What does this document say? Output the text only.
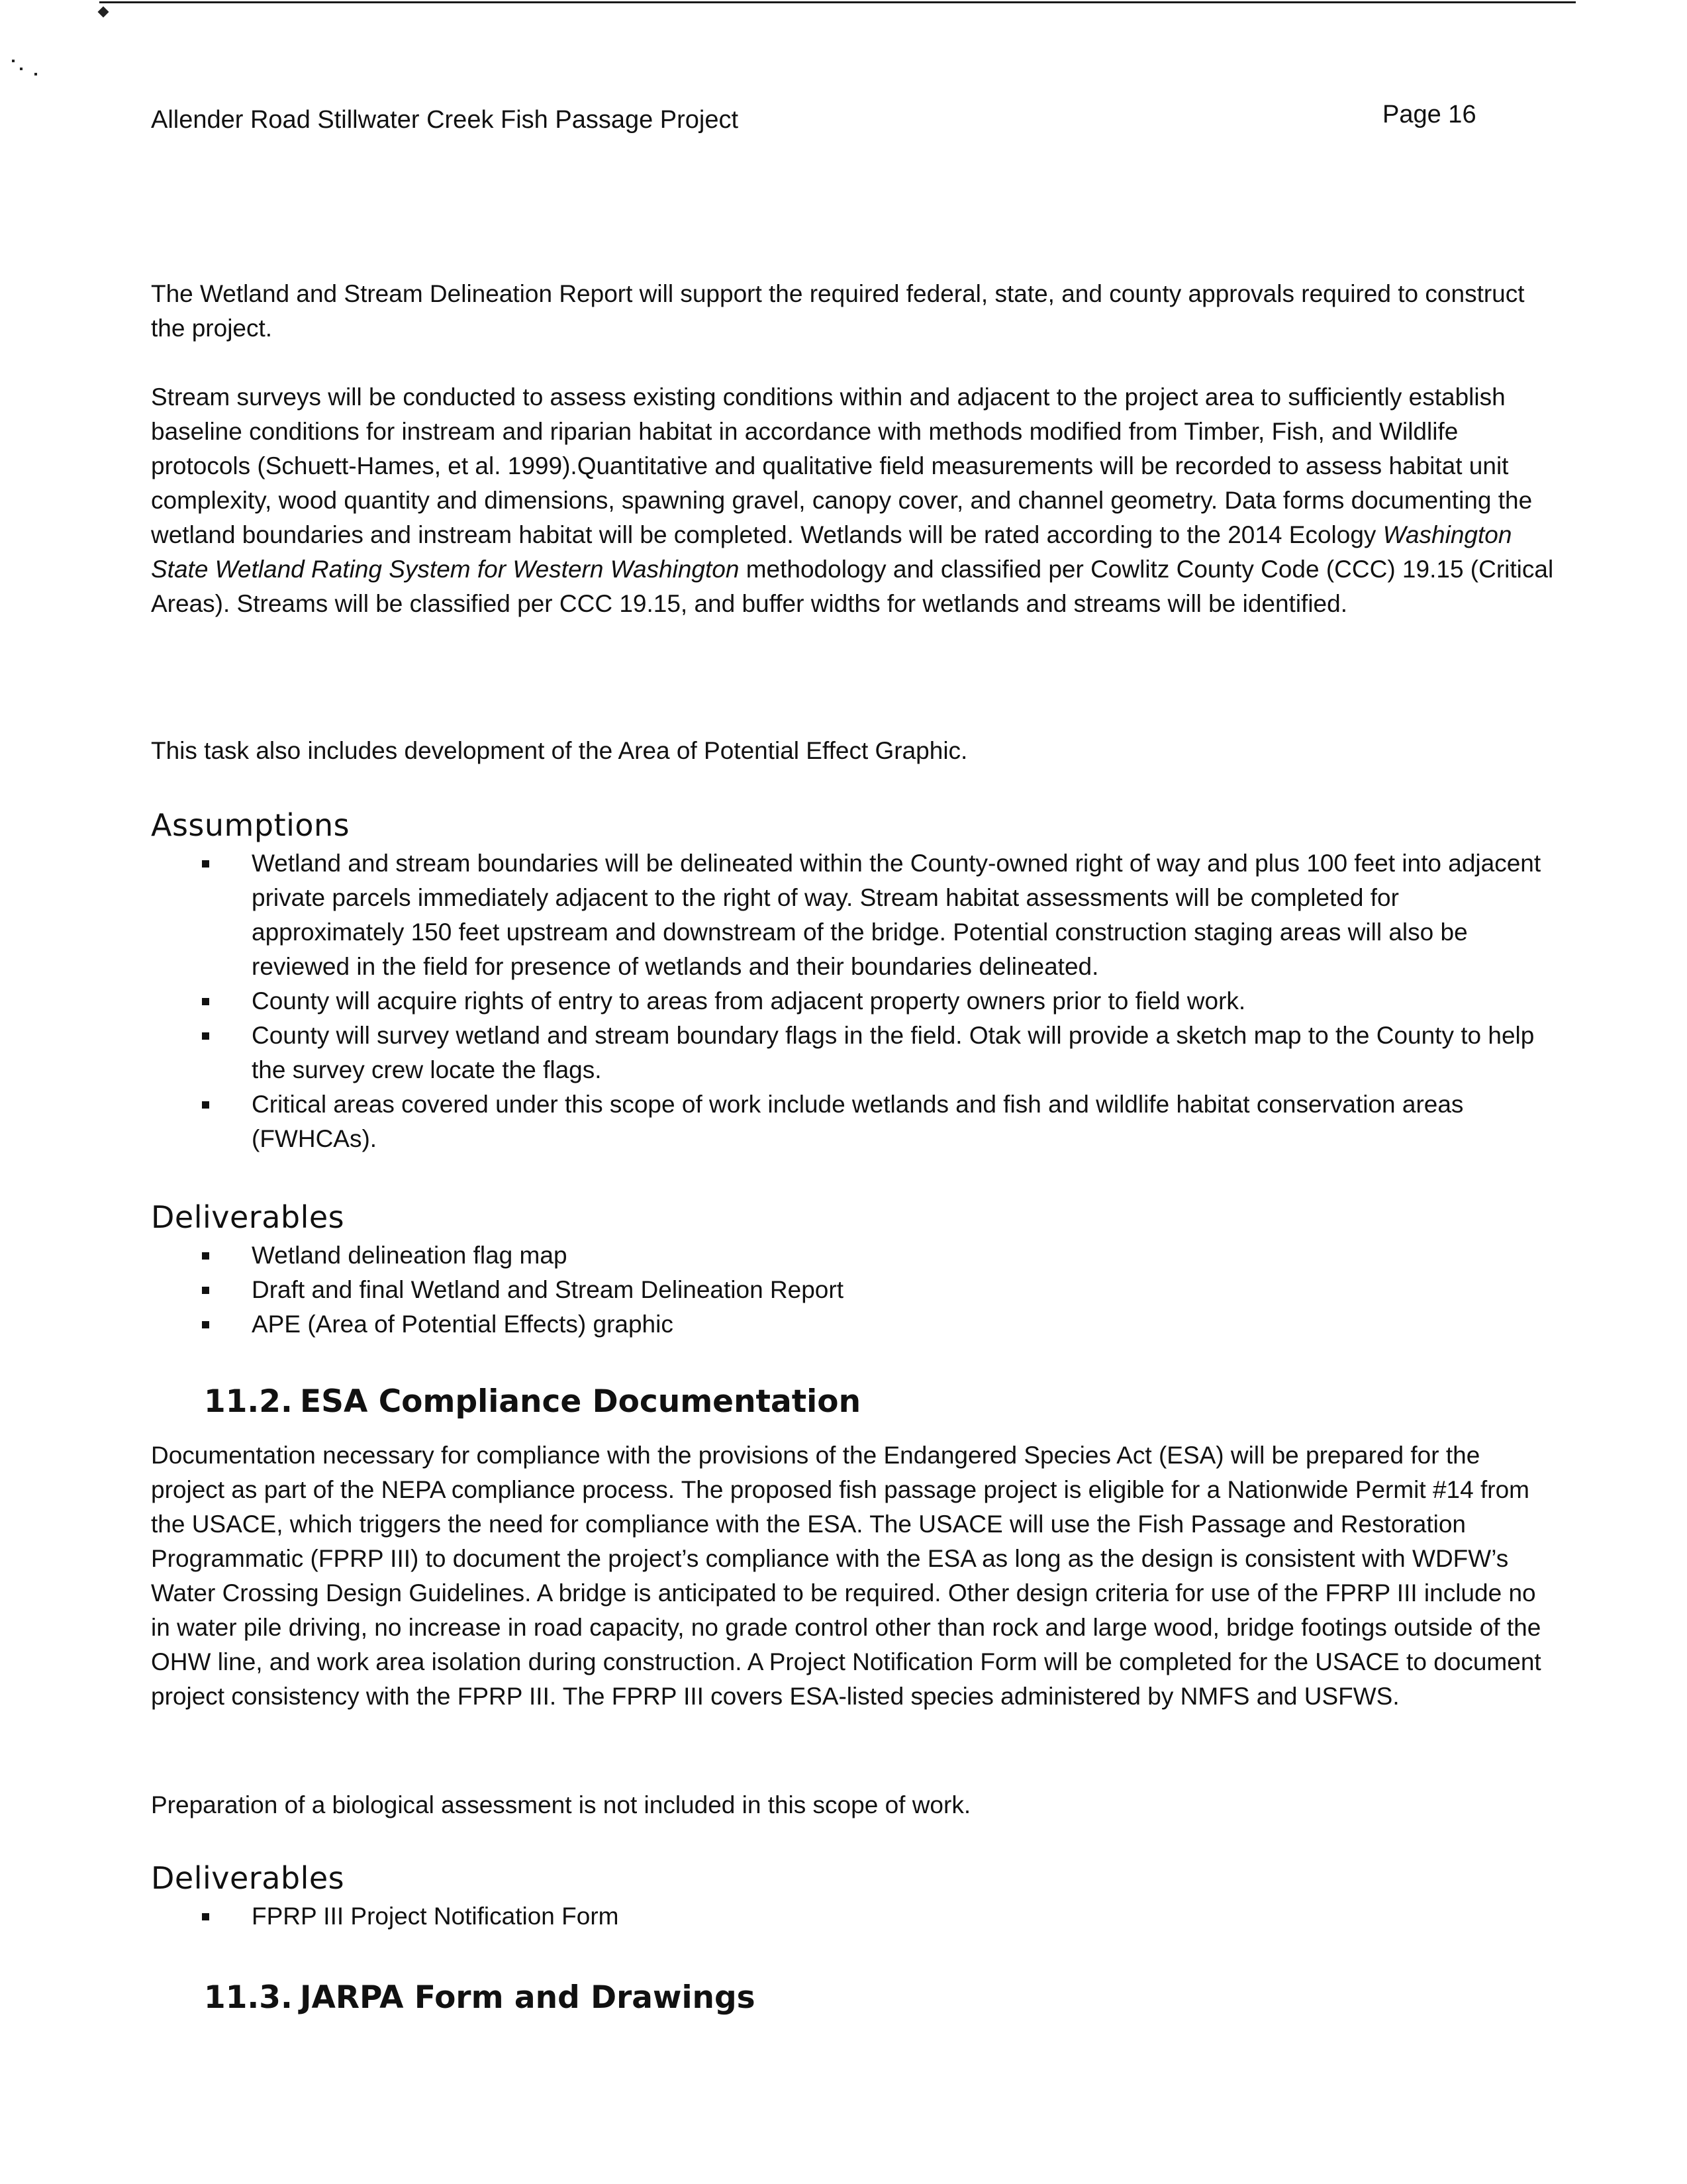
Allender Road Stillwater Creek Fish Passage Project	Page 16

The Wetland and Stream Delineation Report will support the required federal, state, and county approvals required to construct the project.

Stream surveys will be conducted to assess existing conditions within and adjacent to the project area to sufficiently establish baseline conditions for instream and riparian habitat in accordance with methods modified from Timber, Fish, and Wildlife protocols (Schuett-Hames, et al. 1999).Quantitative and qualitative field measurements will be recorded to assess habitat unit complexity, wood quantity and dimensions, spawning gravel, canopy cover, and channel geometry. Data forms documenting the wetland boundaries and instream habitat will be completed. Wetlands will be rated according to the 2014 Ecology Washington State Wetland Rating System for Western Washington methodology and classified per Cowlitz County Code (CCC) 19.15 (Critical Areas). Streams will be classified per CCC 19.15, and buffer widths for wetlands and streams will be identified.

This task also includes development of the Area of Potential Effect Graphic.

Assumptions
Wetland and stream boundaries will be delineated within the County-owned right of way and plus 100 feet into adjacent private parcels immediately adjacent to the right of way. Stream habitat assessments will be completed for approximately 150 feet upstream and downstream of the bridge. Potential construction staging areas will also be reviewed in the field for presence of wetlands and their boundaries delineated.
County will acquire rights of entry to areas from adjacent property owners prior to field work.
County will survey wetland and stream boundary flags in the field. Otak will provide a sketch map to the County to help the survey crew locate the flags.
Critical areas covered under this scope of work include wetlands and fish and wildlife habitat conservation areas (FWHCAs).
Deliverables
Wetland delineation flag map
Draft and final Wetland and Stream Delineation Report
APE (Area of Potential Effects) graphic
11.2. ESA Compliance Documentation

Documentation necessary for compliance with the provisions of the Endangered Species Act (ESA) will be prepared for the project as part of the NEPA compliance process. The proposed fish passage project is eligible for a Nationwide Permit #14 from the USACE, which triggers the need for compliance with the ESA. The USACE will use the Fish Passage and Restoration Programmatic (FPRP III) to document the project’s compliance with the ESA as long as the design is consistent with WDFW’s Water Crossing Design Guidelines. A bridge is anticipated to be required. Other design criteria for use of the FPRP III include no in water pile driving, no increase in road capacity, no grade control other than rock and large wood, bridge footings outside of the OHW line, and work area isolation during construction. A Project Notification Form will be completed for the USACE to document project consistency with the FPRP III. The FPRP III covers ESA-listed species administered by NMFS and USFWS.

Preparation of a biological assessment is not included in this scope of work.

Deliverables
FPRP III Project Notification Form
11.3. JARPA Form and Drawings
